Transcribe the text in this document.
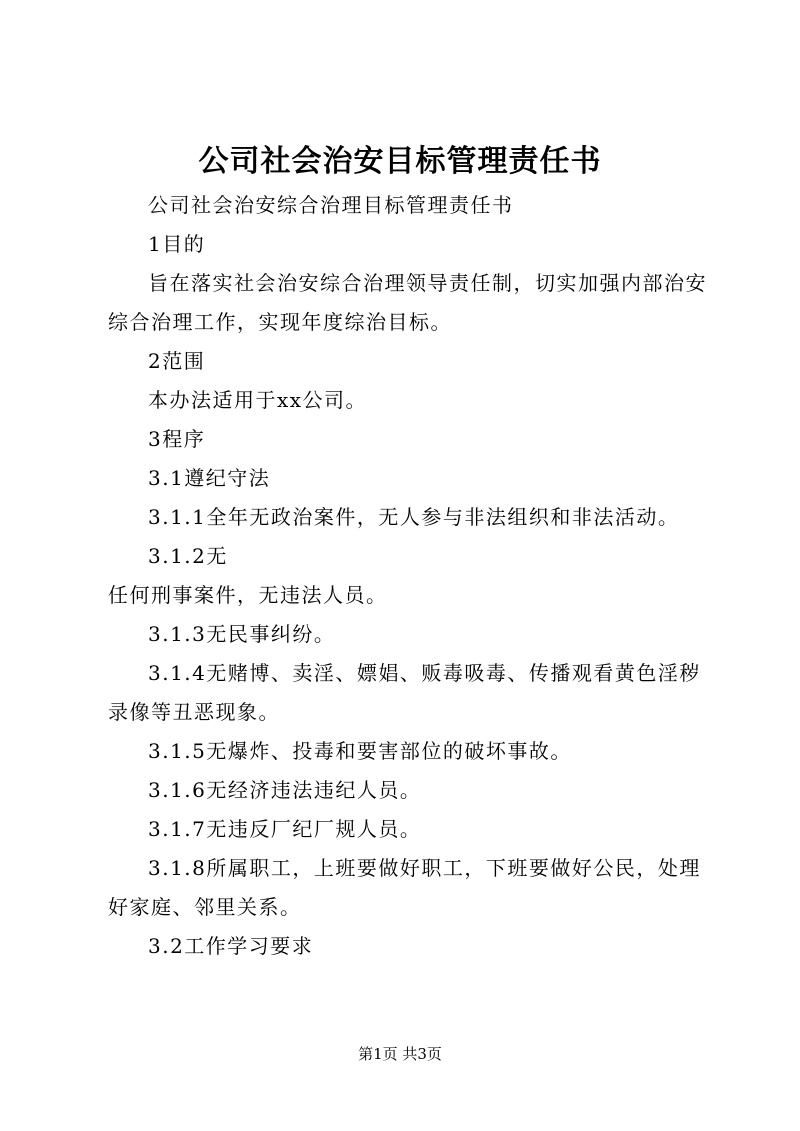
公司社会治安目标管理责任书

公司社会治安综合治理目标管理责任书

1目的

旨在落实社会治安综合治理领导责任制，切实加强内部治安综合治理工作，实现年度综治目标。

2范围

本办法适用于xx公司。

3程序

3.1遵纪守法

3.1.1全年无政治案件，无人参与非法组织和非法活动。

3.1.2无

任何刑事案件，无违法人员。

3.1.3无民事纠纷。

3.1.4无赌博、卖淫、嫖娼、贩毒吸毒、传播观看黄色淫秽录像等丑恶现象。

3.1.5无爆炸、投毒和要害部位的破坏事故。

3.1.6无经济违法违纪人员。

3.1.7无违反厂纪厂规人员。

3.1.8所属职工，上班要做好职工，下班要做好公民，处理好家庭、邻里关系。

3.2工作学习要求

第1页 共3页
